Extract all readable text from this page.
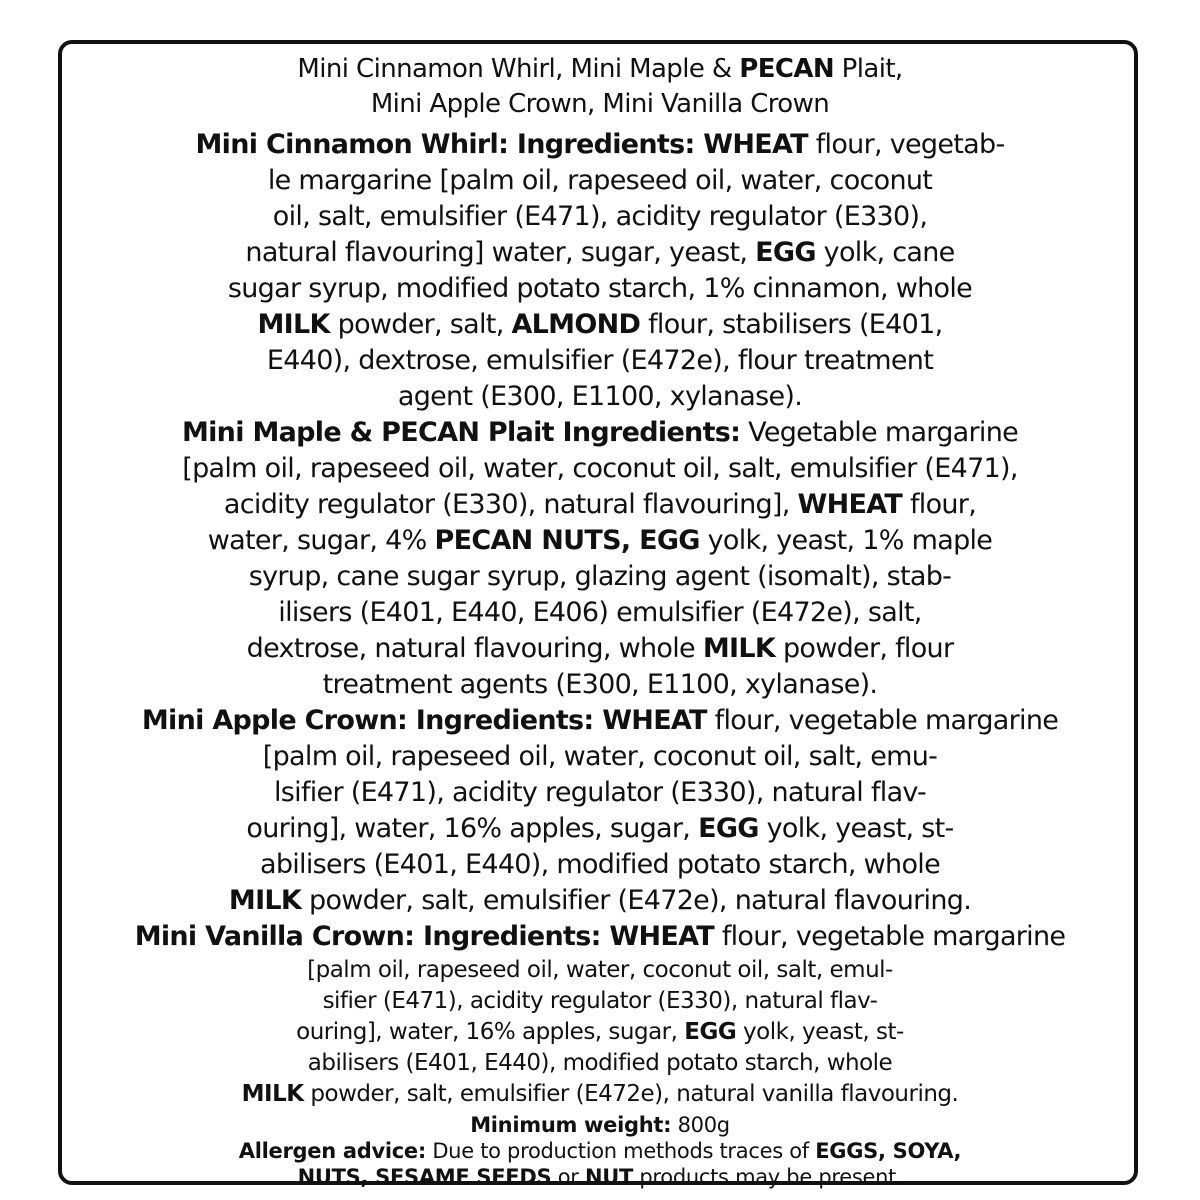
Mini Cinnamon Whirl, Mini Maple & PECAN Plait,
Mini Apple Crown, Mini Vanilla Crown
Mini Cinnamon Whirl: Ingredients: WHEAT flour, vegetab-
le margarine [palm oil, rapeseed oil, water, coconut
oil, salt, emulsifier (E471), acidity regulator (E330),
natural flavouring] water, sugar, yeast, EGG yolk, cane
sugar syrup, modified potato starch, 1% cinnamon, whole
MILK powder, salt, ALMOND flour, stabilisers (E401,
E440), dextrose, emulsifier (E472e), flour treatment
agent (E300, E1100, xylanase).
Mini Maple & PECAN Plait Ingredients: Vegetable margarine
[palm oil, rapeseed oil, water, coconut oil, salt, emulsifier (E471),
acidity regulator (E330), natural flavouring], WHEAT flour,
water, sugar, 4% PECAN NUTS, EGG yolk, yeast, 1% maple
syrup, cane sugar syrup, glazing agent (isomalt), stab-
ilisers (E401, E440, E406) emulsifier (E472e), salt,
dextrose, natural flavouring, whole MILK powder, flour
treatment agents (E300, E1100, xylanase).
Mini Apple Crown: Ingredients: WHEAT flour, vegetable margarine
[palm oil, rapeseed oil, water, coconut oil, salt, emu-
lsifier (E471), acidity regulator (E330), natural flav-
ouring], water, 16% apples, sugar, EGG yolk, yeast, st-
abilisers (E401, E440), modified potato starch, whole
MILK powder, salt, emulsifier (E472e), natural flavouring.
Mini Vanilla Crown: Ingredients: WHEAT flour, vegetable margarine
[palm oil, rapeseed oil, water, coconut oil, salt, emul-
sifier (E471), acidity regulator (E330), natural flav-
ouring], water, 16% apples, sugar, EGG yolk, yeast, st-
abilisers (E401, E440), modified potato starch, whole
MILK powder, salt, emulsifier (E472e), natural vanilla flavouring.
Minimum weight: 800g
Allergen advice: Due to production methods traces of EGGS, SOYA,
NUTS, SESAME SEEDS or NUT products may be present.
